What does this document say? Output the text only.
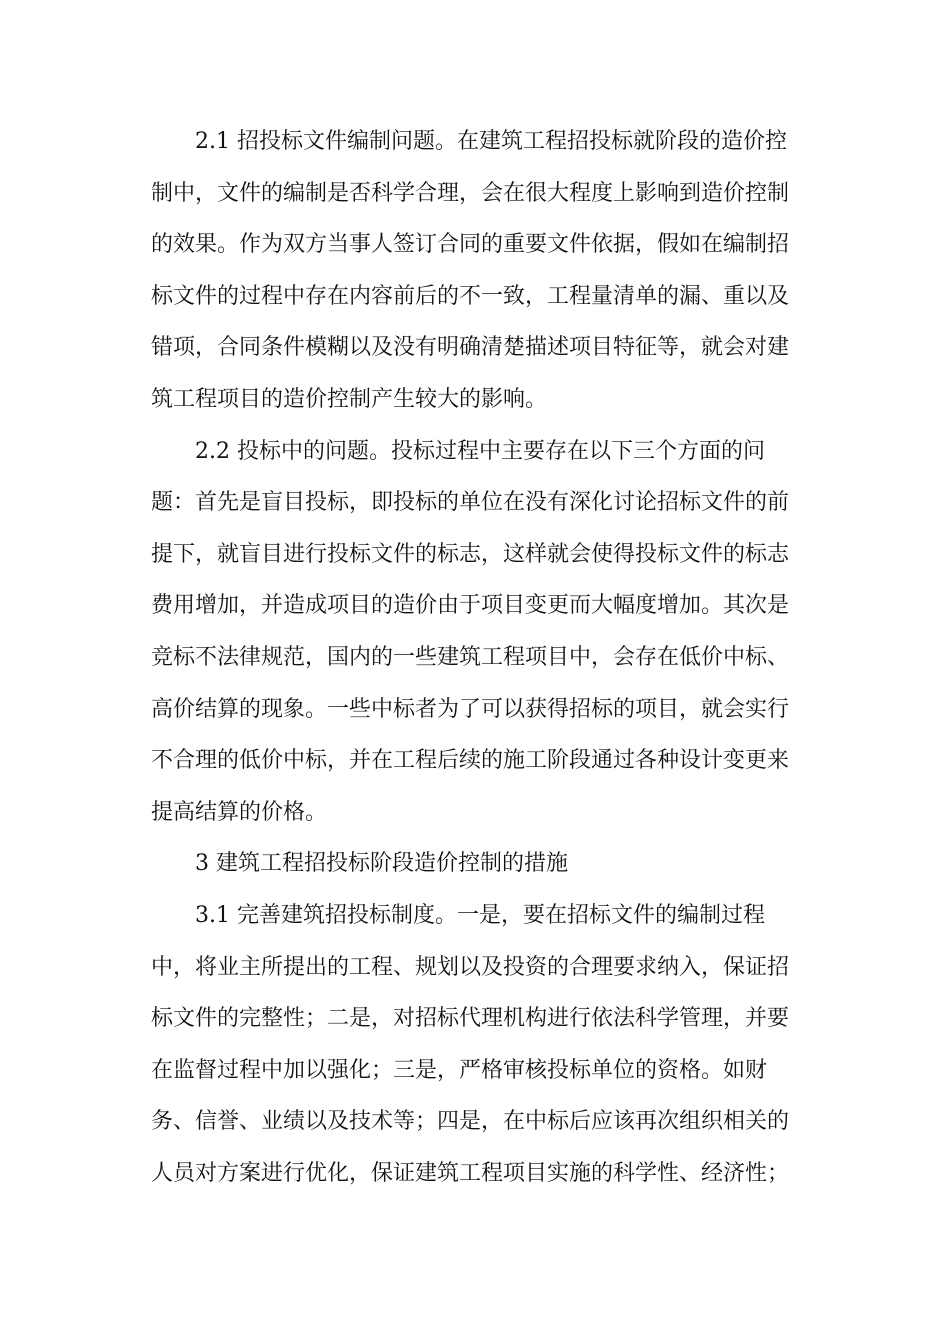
2.1 招投标文件编制问题。在建筑工程招投标就阶段的造价控
制中，文件的编制是否科学合理，会在很大程度上影响到造价控制
的效果。作为双方当事人签订合同的重要文件依据，假如在编制招
标文件的过程中存在内容前后的不一致，工程量清单的漏、重以及
错项，合同条件模糊以及没有明确清楚描述项目特征等，就会对建
筑工程项目的造价控制产生较大的影响。
2.2 投标中的问题。投标过程中主要存在以下三个方面的问
题：首先是盲目投标，即投标的单位在没有深化讨论招标文件的前
提下，就盲目进行投标文件的标志，这样就会使得投标文件的标志
费用增加，并造成项目的造价由于项目变更而大幅度增加。其次是
竞标不法律规范，国内的一些建筑工程项目中，会存在低价中标、
高价结算的现象。一些中标者为了可以获得招标的项目，就会实行
不合理的低价中标，并在工程后续的施工阶段通过各种设计变更来
提高结算的价格。
3 建筑工程招投标阶段造价控制的措施
3.1 完善建筑招投标制度。一是，要在招标文件的编制过程
中，将业主所提出的工程、规划以及投资的合理要求纳入，保证招
标文件的完整性；二是，对招标代理机构进行依法科学管理，并要
在监督过程中加以强化；三是，严格审核投标单位的资格。如财
务、信誉、业绩以及技术等；四是，在中标后应该再次组织相关的
人员对方案进行优化，保证建筑工程项目实施的科学性、经济性；
